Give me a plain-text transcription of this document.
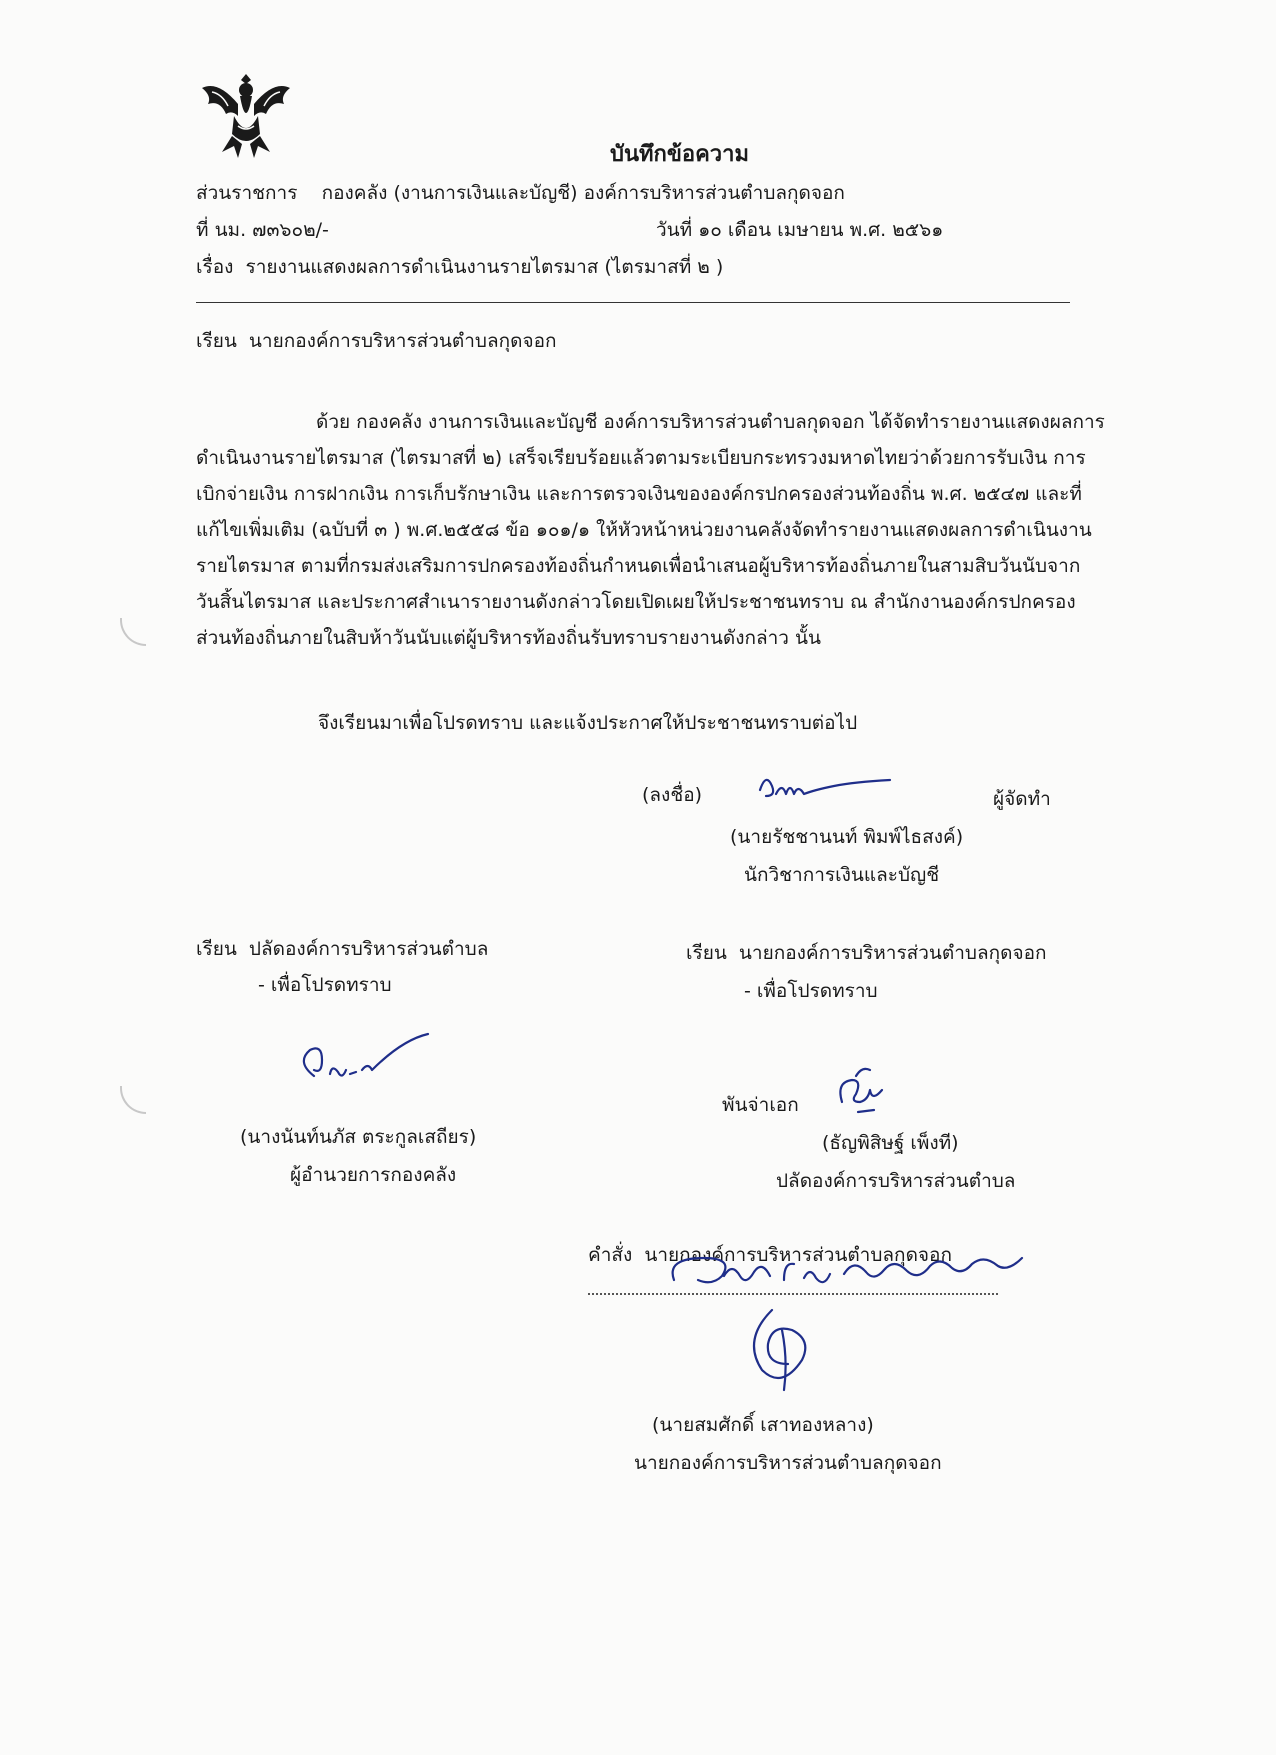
บันทึกข้อความ
ส่วนราชการ กองคลัง (งานการเงินและบัญชี) องค์การบริหารส่วนตำบลกุดจอก
ที่ นม. ๗๓๖๐๒/-	วันที่ ๑๐ เดือน เมษายน พ.ศ. ๒๕๖๑
เรื่อง รายงานแสดงผลการดำเนินงานรายไตรมาส (ไตรมาสที่ ๒ )
เรียน นายกองค์การบริหารส่วนตำบลกุดจอก
ด้วย กองคลัง งานการเงินและบัญชี องค์การบริหารส่วนตำบลกุดจอก ได้จัดทำรายงานแสดงผลการ
ดำเนินงานรายไตรมาส (ไตรมาสที่ ๒) เสร็จเรียบร้อยแล้วตามระเบียบกระทรวงมหาดไทยว่าด้วยการรับเงิน การ
เบิกจ่ายเงิน การฝากเงิน การเก็บรักษาเงิน และการตรวจเงินขององค์กรปกครองส่วนท้องถิ่น พ.ศ. ๒๕๔๗ และที่
แก้ไขเพิ่มเติม (ฉบับที่ ๓ ) พ.ศ.๒๕๕๘ ข้อ ๑๐๑/๑ ให้หัวหน้าหน่วยงานคลังจัดทำรายงานแสดงผลการดำเนินงาน
รายไตรมาส ตามที่กรมส่งเสริมการปกครองท้องถิ่นกำหนดเพื่อนำเสนอผู้บริหารท้องถิ่นภายในสามสิบวันนับจาก
วันสิ้นไตรมาส และประกาศสำเนารายงานดังกล่าวโดยเปิดเผยให้ประชาชนทราบ ณ สำนักงานองค์กรปกครอง
ส่วนท้องถิ่นภายในสิบห้าวันนับแต่ผู้บริหารท้องถิ่นรับทราบรายงานดังกล่าว นั้น
จึงเรียนมาเพื่อโปรดทราบ และแจ้งประกาศให้ประชาชนทราบต่อไป
(ลงชื่อ)	ผู้จัดทำ
(นายรัชชานนท์ พิมพ์ไธสงค์)
นักวิชาการเงินและบัญชี
เรียน ปลัดองค์การบริหารส่วนตำบล
- เพื่อโปรดทราบ
(นางนันท์นภัส ตระกูลเสถียร)
ผู้อำนวยการกองคลัง
เรียน นายกองค์การบริหารส่วนตำบลกุดจอก
- เพื่อโปรดทราบ
พันจ่าเอก
(ธัญพิสิษฐ์ เพ็งที)
ปลัดองค์การบริหารส่วนตำบล
คำสั่ง นายกองค์การบริหารส่วนตำบลกุดจอก
(นายสมศักดิ์ เสาทองหลาง)
นายกองค์การบริหารส่วนตำบลกุดจอก
